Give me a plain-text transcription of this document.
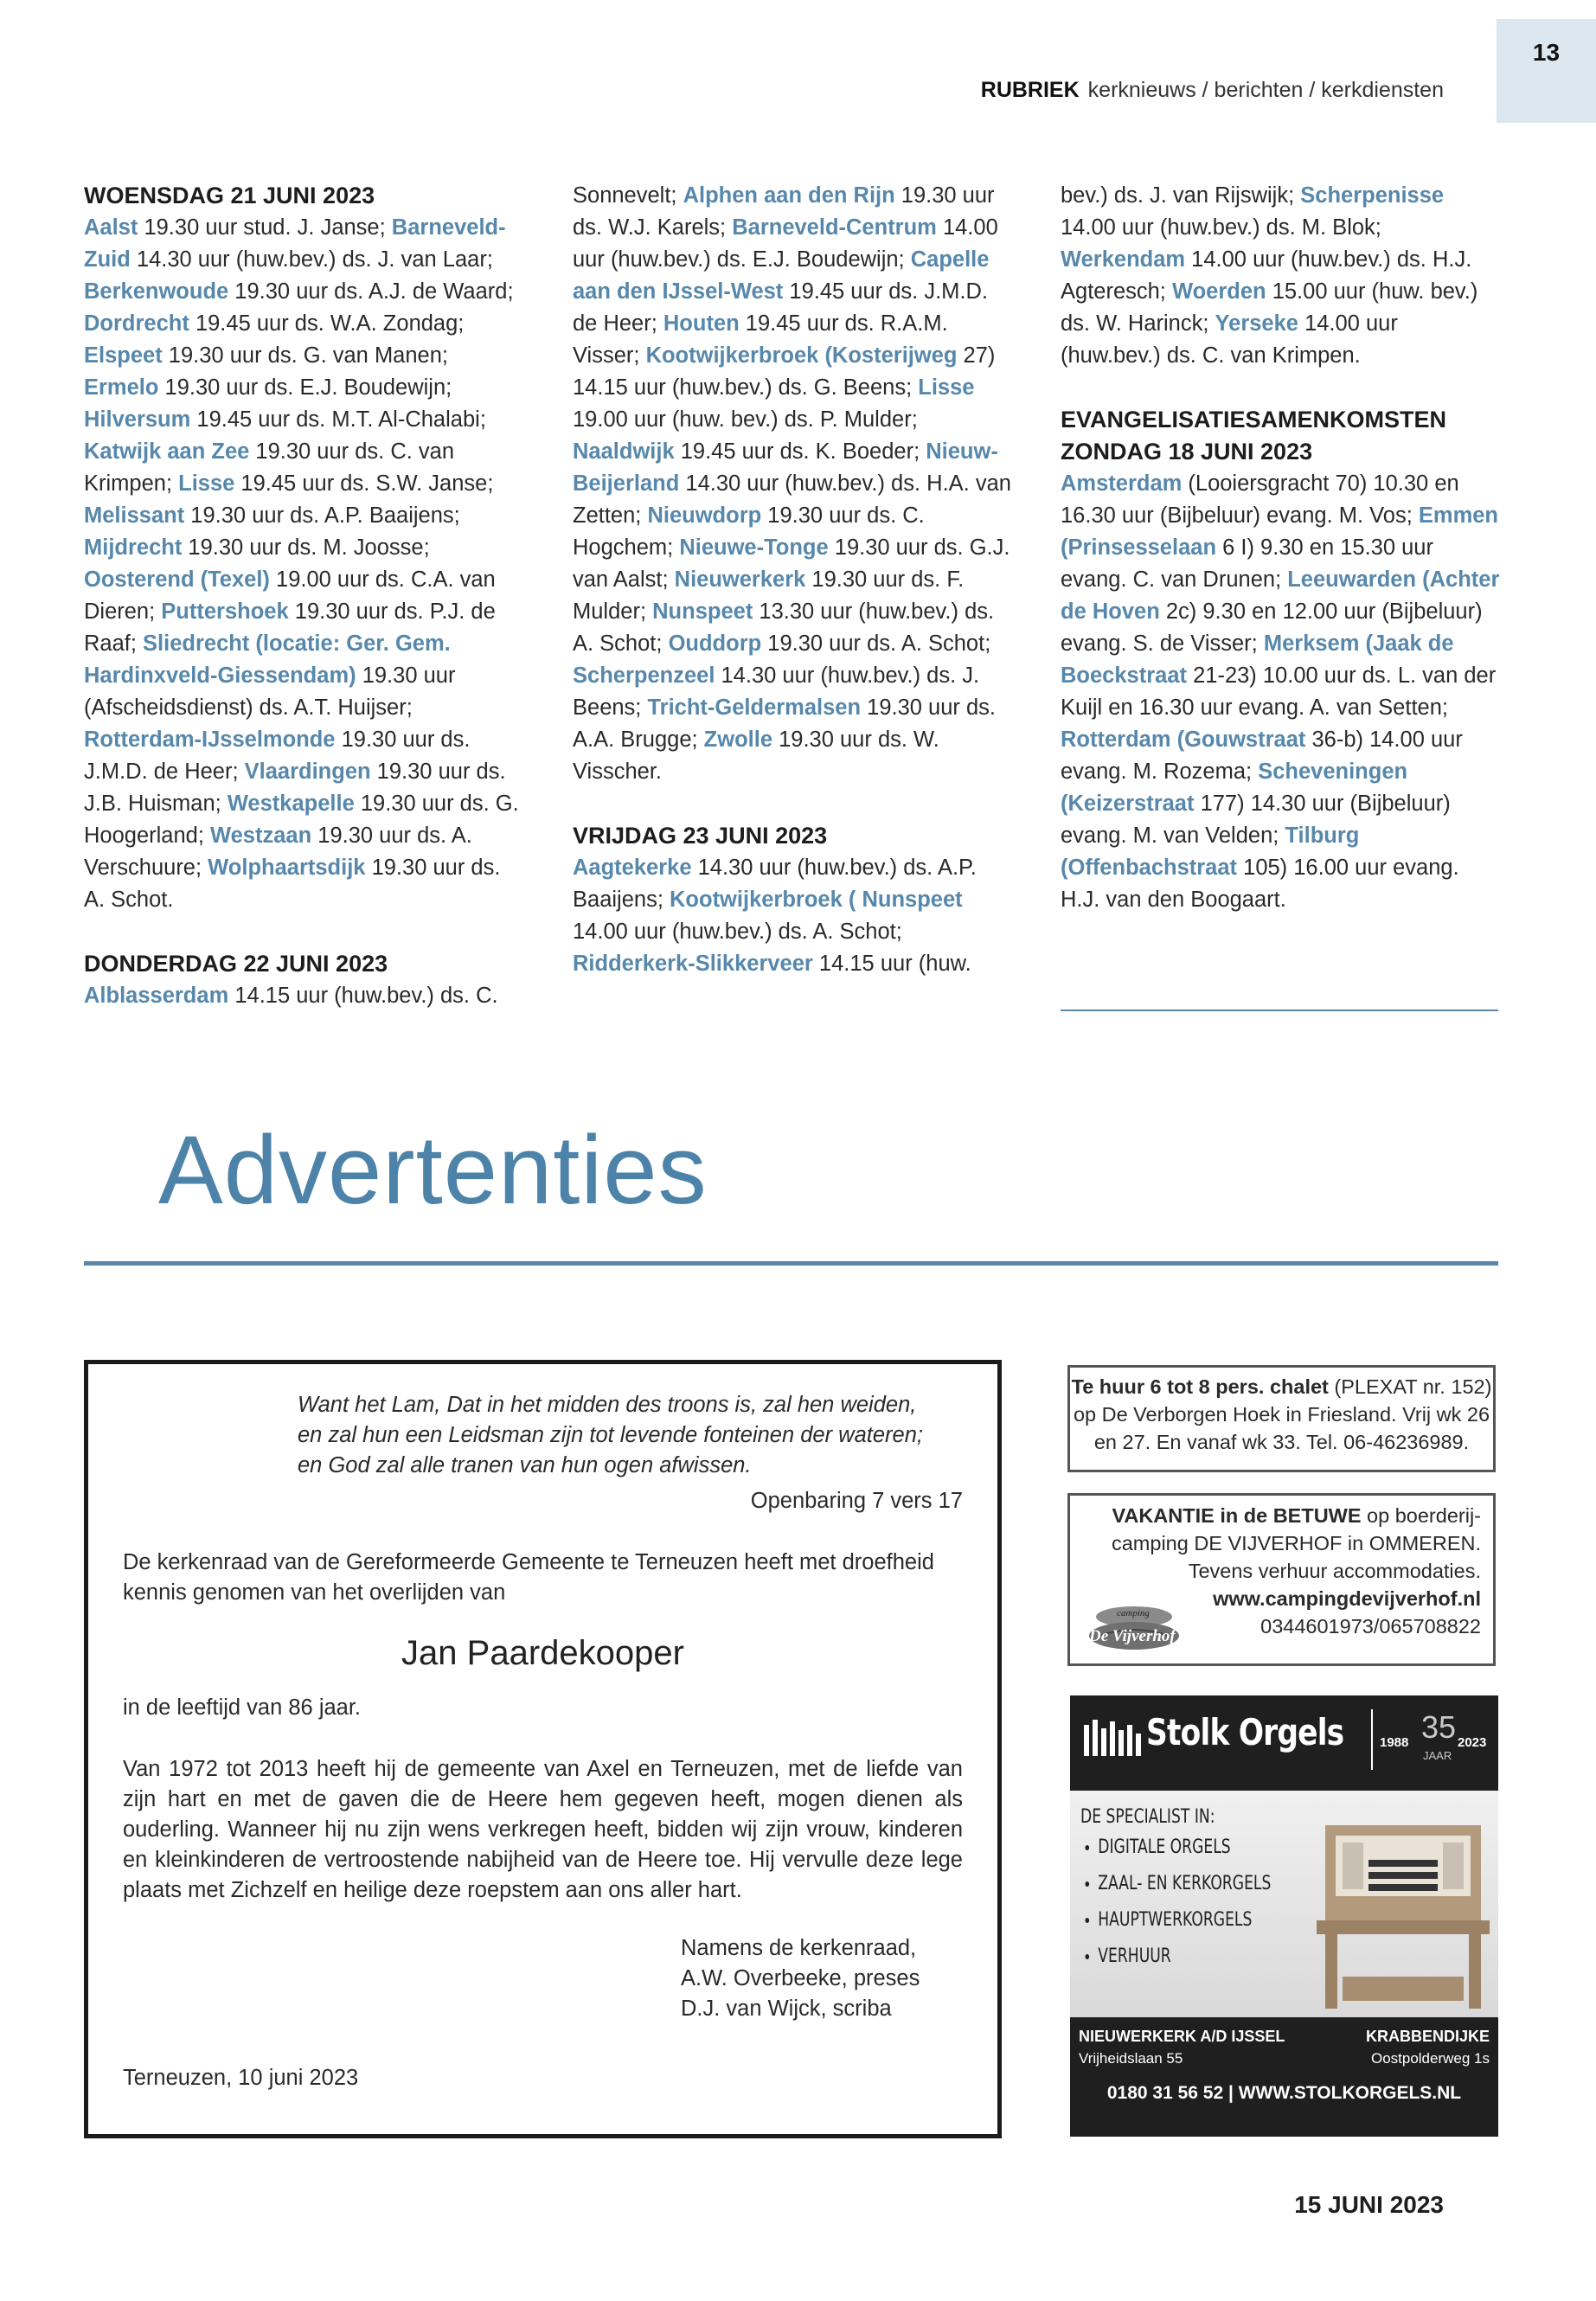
13
RUBRIEK kerknieuws / berichten / kerkdiensten
WOENSDAG 21 JUNI 2023
Aalst 19.30 uur stud. J. Janse; Barneveld-Zuid 14.30 uur (huw.bev.) ds. J. van Laar; Berkenwoude 19.30 uur ds. A.J. de Waard; Dordrecht 19.45 uur ds. W.A. Zondag; Elspeet 19.30 uur ds. G. van Manen; Ermelo 19.30 uur ds. E.J. Boudewijn; Hilversum 19.45 uur ds. M.T. Al-Chalabi; Katwijk aan Zee 19.30 uur ds. C. van Krimpen; Lisse 19.45 uur ds. S.W. Janse; Melissant 19.30 uur ds. A.P. Baaijens; Mijdrecht 19.30 uur ds. M. Joosse; Oosterend (Texel) 19.00 uur ds. C.A. van Dieren; Puttershoek 19.30 uur ds. P.J. de Raaf; Sliedrecht (locatie: Ger. Gem. Hardinxveld-Giessendam) 19.30 uur (Afscheidsdienst) ds. A.T. Huijser; Rotterdam-IJsselmonde 19.30 uur ds. J.M.D. de Heer; Vlaardingen 19.30 uur ds. J.B. Huisman; Westkapelle 19.30 uur ds. G. Hoogerland; Westzaan 19.30 uur ds. A. Verschuure; Wolphaartsdijk 19.30 uur ds. A. Schot.
DONDERDAG 22 JUNI 2023
Alblasserdam 14.15 uur (huw.bev.) ds. C.
Sonnevelt; Alphen aan den Rijn 19.30 uur ds. W.J. Karels; Barneveld-Centrum 14.00 uur (huw.bev.) ds. E.J. Boudewijn; Capelle aan den IJssel-West 19.45 uur ds. J.M.D. de Heer; Houten 19.45 uur ds. R.A.M. Visser; Kootwijkerbroek (Kosterijweg 27) 14.15 uur (huw.bev.) ds. G. Beens; Lisse 19.00 uur (huw. bev.) ds. P. Mulder; Naaldwijk 19.45 uur ds. K. Boeder; Nieuw-Beijerland 14.30 uur (huw.bev.) ds. H.A. van Zetten; Nieuwdorp 19.30 uur ds. C. Hogchem; Nieuwe-Tonge 19.30 uur ds. G.J. van Aalst; Nieuwerkerk 19.30 uur ds. F. Mulder; Nunspeet 13.30 uur (huw.bev.) ds. A. Schot; Ouddorp 19.30 uur ds. A. Schot; Scherpenzeel 14.30 uur (huw.bev.) ds. J. Beens; Tricht-Geldermalsen 19.30 uur ds. A.A. Brugge; Zwolle 19.30 uur ds. W. Visscher.
VRIJDAG 23 JUNI 2023
Aagtekerke 14.30 uur (huw.bev.) ds. A.P. Baaijens; Kootwijkerbroek ( Nunspeet 14.00 uur (huw.bev.) ds. A. Schot; Ridderkerk-Slikkerveer 14.15 uur (huw.
bev.) ds. J. van Rijswijk; Scherpenisse 14.00 uur (huw.bev.) ds. M. Blok; Werkendam 14.00 uur (huw.bev.) ds. H.J. Agteresch; Woerden 15.00 uur (huw. bev.) ds. W. Harinck; Yerseke 14.00 uur (huw.bev.) ds. C. van Krimpen.
EVANGELISATIESAMENKOMSTEN
ZONDAG 18 JUNI 2023
Amsterdam (Looiersgracht 70) 10.30 en 16.30 uur (Bijbeluur) evang. M. Vos; Emmen (Prinsesselaan 6 I) 9.30 en 15.30 uur evang. C. van Drunen; Leeuwarden (Achter de Hoven 2c) 9.30 en 12.00 uur (Bijbeluur) evang. S. de Visser; Merksem (Jaak de Boeckstraat 21-23) 10.00 uur ds. L. van der Kuijl en 16.30 uur evang. A. van Setten; Rotterdam (Gouwstraat 36-b) 14.00 uur evang. M. Rozema; Scheveningen (Keizerstraat 177) 14.30 uur (Bijbeluur) evang. M. van Velden; Tilburg (Offenbachstraat 105) 16.00 uur evang. H.J. van den Boogaart.
Advertenties
Want het Lam, Dat in het midden des troons is, zal hen weiden,
en zal hun een Leidsman zijn tot levende fonteinen der wateren;
en God zal alle tranen van hun ogen afwissen.
Openbaring 7 vers 17
De kerkenraad van de Gereformeerde Gemeente te Terneuzen heeft met droefheid kennis genomen van het overlijden van
Jan Paardekooper
in de leeftijd van 86 jaar.
Van 1972 tot 2013 heeft hij de gemeente van Axel en Terneuzen, met de liefde van zijn hart en met de gaven die de Heere hem gegeven heeft, mogen dienen als ouderling. Wanneer hij nu zijn wens verkregen heeft, bidden wij zijn vrouw, kinderen en kleinkinderen de vertroostende nabijheid van de Heere toe. Hij vervulle deze lege plaats met Zichzelf en heilige deze roepstem aan ons aller hart.
Namens de kerkenraad,
A.W. Overbeeke, preses
D.J. van Wijck, scriba
Terneuzen, 10 juni 2023
Te huur 6 tot 8 pers. chalet (PLEXAT nr. 152) op De Verborgen Hoek in Friesland. Vrij wk 26 en 27. En vanaf wk 33. Tel. 06-46236989.
VAKANTIE in de BETUWE op boerderij-
camping DE VIJVERHOF in OMMEREN.
Tevens verhuur accommodaties.
www.campingdevijverhof.nl
0344601973/065708822
camping
De Vijverhof
Stolk Orgels	1988 35
JAAR
2023
DE SPECIALIST IN:
• DIGITALE ORGELS
• ZAAL- EN KERKORGELS
• HAUPTWERKORGELS
• VERHUUR
NIEUWERKERK A/D IJSSEL
Vrijheidslaan 55
KRABBENDIJKE
Oostpolderweg 1s
0180 31 56 52 | WWW.STOLKORGELS.NL
15 JUNI 2023
